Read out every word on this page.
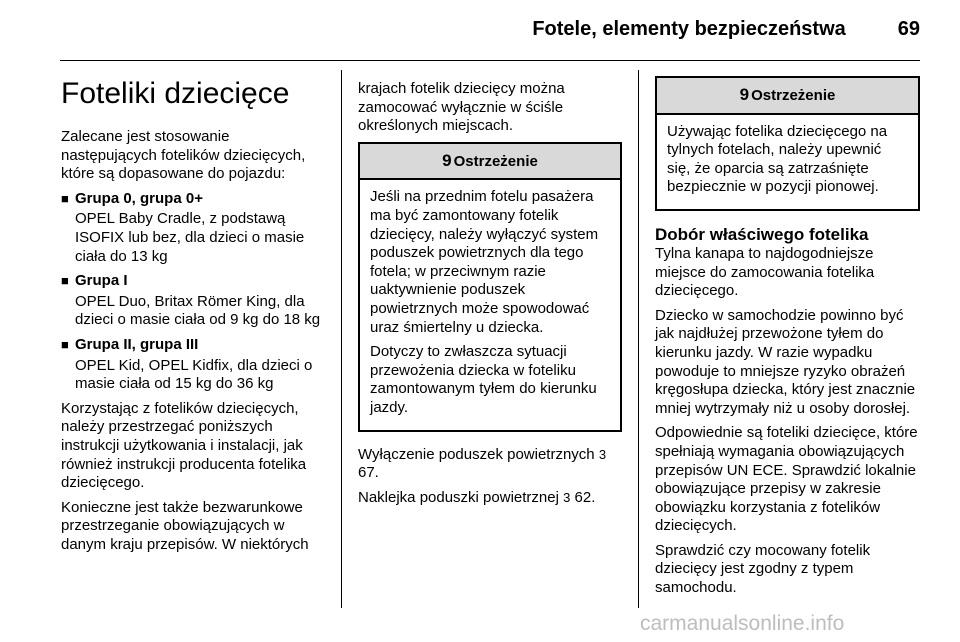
Fotele, elementy bezpieczeństwa	69
Foteliki dziecięce

Zalecane jest stosowanie następujących fotelików dziecięcych, które są dopasowane do pojazdu:

■ Grupa 0, grupa 0+
OPEL Baby Cradle, z podstawą ISOFIX lub bez, dla dzieci o masie ciała do 13 kg
■ Grupa I
OPEL Duo, Britax Römer King, dla dzieci o masie ciała od 9 kg do 18 kg
■ Grupa II, grupa III
OPEL Kid, OPEL Kidfix, dla dzieci o masie ciała od 15 kg do 36 kg

Korzystając z fotelików dziecięcych, należy przestrzegać poniższych instrukcji użytkowania i instalacji, jak również instrukcji producenta fotelika dziecięcego.

Konieczne jest także bezwarunkowe przestrzeganie obowiązujących w danym kraju przepisów. W niektórych

krajach fotelik dziecięcy można zamocować wyłącznie w ściśle określonych miejscach.

9 Ostrzeżenie

Jeśli na przednim fotelu pasażera ma być zamontowany fotelik dziecięcy, należy wyłączyć system poduszek powietrznych dla tego fotela; w przeciwnym razie uaktywnienie poduszek powietrznych może spowodować uraz śmiertelny u dziecka.

Dotyczy to zwłaszcza sytuacji przewożenia dziecka w foteliku zamontowanym tyłem do kierunku jazdy.

Wyłączenie poduszek powietrznych 3 67.

Naklejka poduszki powietrznej 3 62.

9 Ostrzeżenie

Używając fotelika dziecięcego na tylnych fotelach, należy upewnić się, że oparcia są zatrzaśnięte bezpiecznie w pozycji pionowej.

Dobór właściwego fotelika

Tylna kanapa to najdogodniejsze miejsce do zamocowania fotelika dziecięcego.

Dziecko w samochodzie powinno być jak najdłużej przewożone tyłem do kierunku jazdy. W razie wypadku powoduje to mniejsze ryzyko obrażeń kręgosłupa dziecka, który jest znacznie mniej wytrzymały niż u osoby dorosłej.

Odpowiednie są foteliki dziecięce, które spełniają wymagania obowiązujących przepisów UN ECE. Sprawdzić lokalnie obowiązujące przepisy w zakresie obowiązku korzystania z fotelików dziecięcych.

Sprawdzić czy mocowany fotelik dziecięcy jest zgodny z typem samochodu.

carmanualsonline.info
